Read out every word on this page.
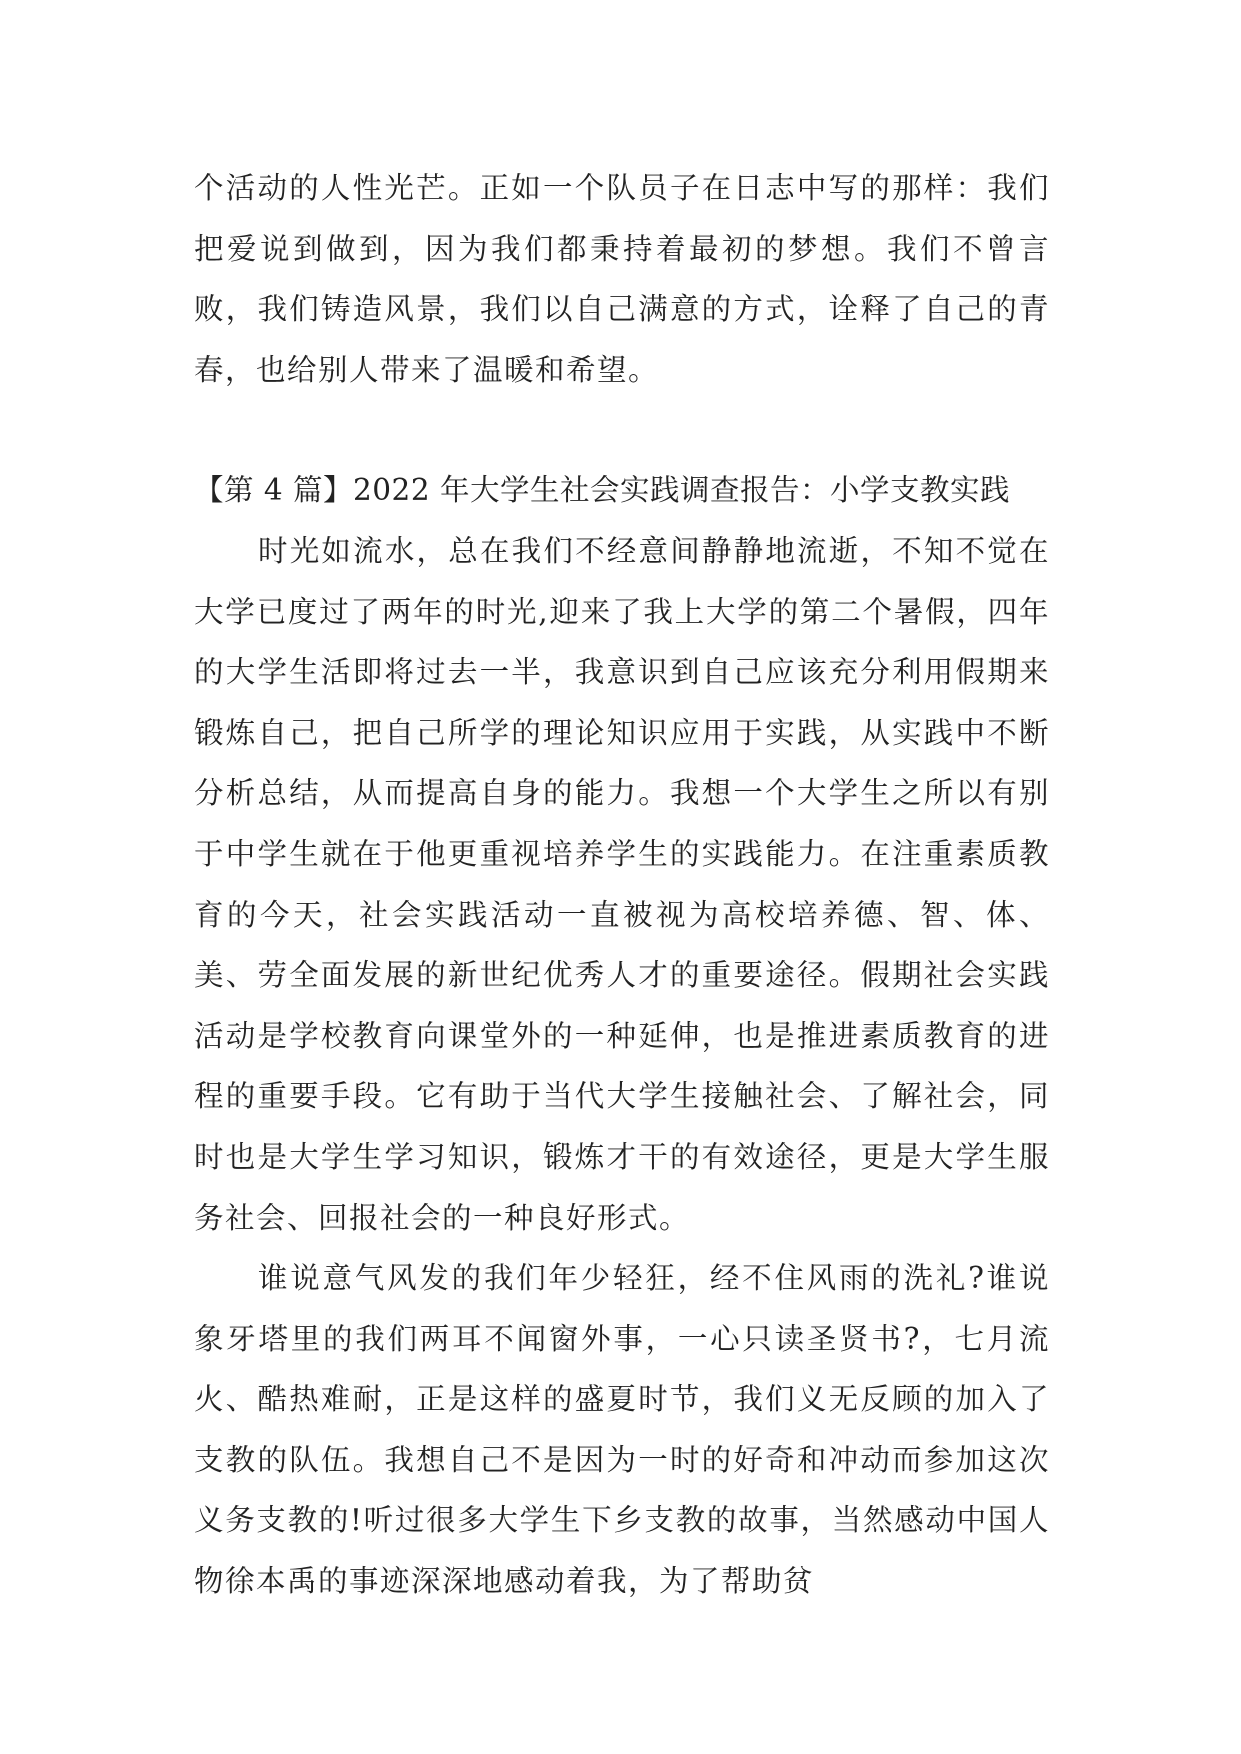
个活动的人性光芒。正如一个队员子在日志中写的那样：我们把爱说到做到，因为我们都秉持着最初的梦想。我们不曾言败，我们铸造风景，我们以自己满意的方式，诠释了自己的青春，也给别人带来了温暖和希望。

【第 4 篇】2022 年大学生社会实践调查报告：小学支教实践

时光如流水，总在我们不经意间静静地流逝，不知不觉在大学已度过了两年的时光,迎来了我上大学的第二个暑假，四年的大学生活即将过去一半，我意识到自己应该充分利用假期来锻炼自己，把自己所学的理论知识应用于实践，从实践中不断分析总结，从而提高自身的能力。我想一个大学生之所以有别于中学生就在于他更重视培养学生的实践能力。在注重素质教育的今天，社会实践活动一直被视为高校培养德、智、体、美、劳全面发展的新世纪优秀人才的重要途径。假期社会实践活动是学校教育向课堂外的一种延伸，也是推进素质教育的进程的重要手段。它有助于当代大学生接触社会、了解社会，同时也是大学生学习知识，锻炼才干的有效途径，更是大学生服务社会、回报社会的一种良好形式。

谁说意气风发的我们年少轻狂，经不住风雨的洗礼?谁说象牙塔里的我们两耳不闻窗外事，一心只读圣贤书?，七月流火、酷热难耐，正是这样的盛夏时节，我们义无反顾的加入了支教的队伍。我想自己不是因为一时的好奇和冲动而参加这次义务支教的!听过很多大学生下乡支教的故事，当然感动中国人物徐本禹的事迹深深地感动着我，为了帮助贫
